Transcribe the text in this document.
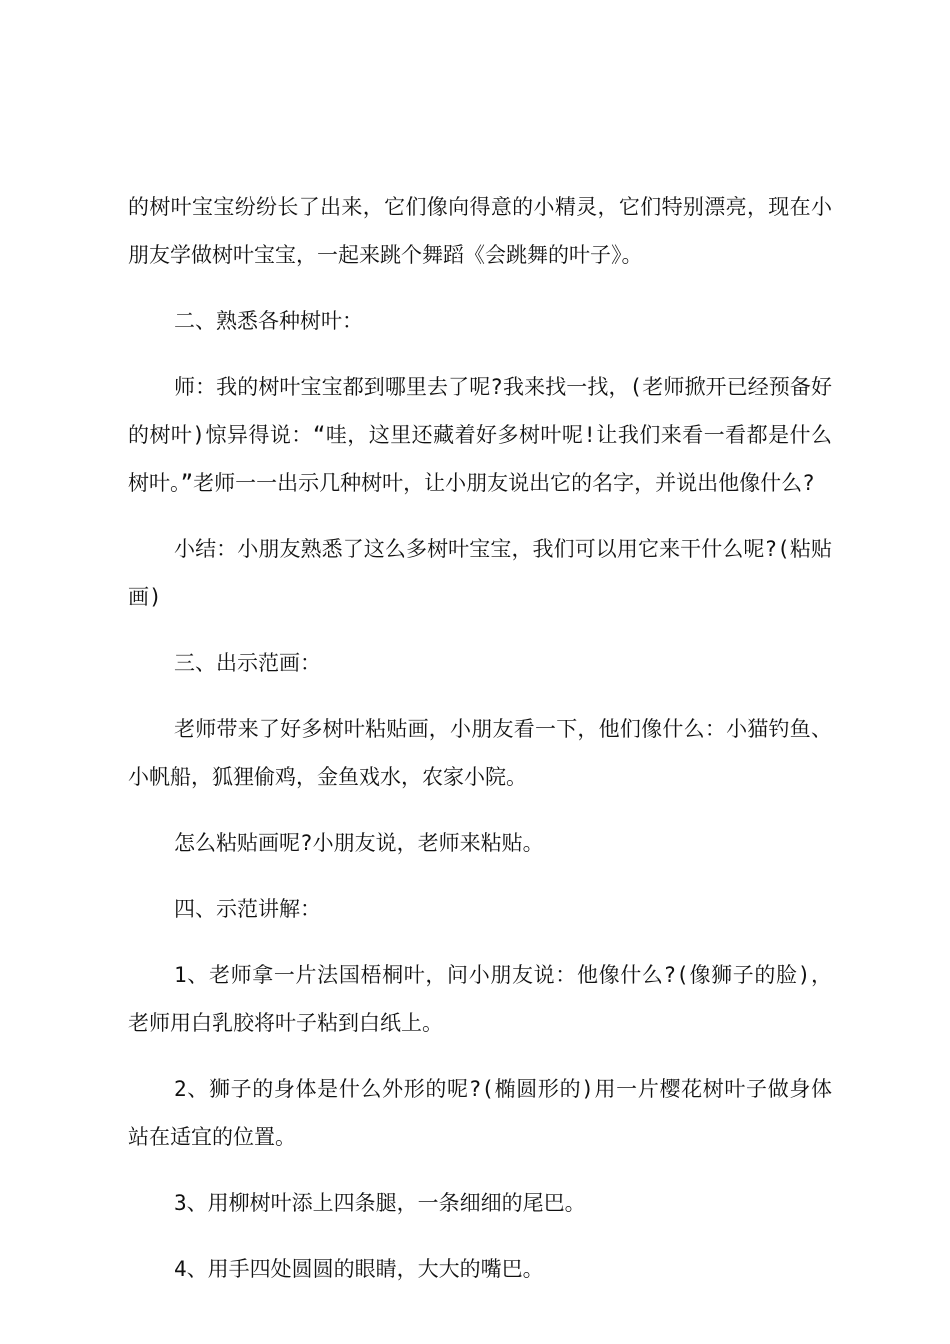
的树叶宝宝纷纷长了出来，它们像向得意的小精灵，它们特别漂亮，现在小朋友学做树叶宝宝，一起来跳个舞蹈《会跳舞的叶子》。

二、熟悉各种树叶：

师：我的树叶宝宝都到哪里去了呢?我来找一找，(老师掀开已经预备好的树叶)惊异得说：“哇，这里还藏着好多树叶呢!让我们来看一看都是什么树叶。”老师一一出示几种树叶，让小朋友说出它的名字，并说出他像什么?

小结：小朋友熟悉了这么多树叶宝宝，我们可以用它来干什么呢?(粘贴画)

三、出示范画：

老师带来了好多树叶粘贴画，小朋友看一下，他们像什么：小猫钓鱼、小帆船，狐狸偷鸡，金鱼戏水，农家小院。

怎么粘贴画呢?小朋友说，老师来粘贴。

四、示范讲解：

1、老师拿一片法国梧桐叶，问小朋友说：他像什么?(像狮子的脸)，老师用白乳胶将叶子粘到白纸上。

2、狮子的身体是什么外形的呢?(椭圆形的)用一片樱花树叶子做身体站在适宜的位置。

3、用柳树叶添上四条腿，一条细细的尾巴。

4、用手四处圆圆的眼睛，大大的嘴巴。
